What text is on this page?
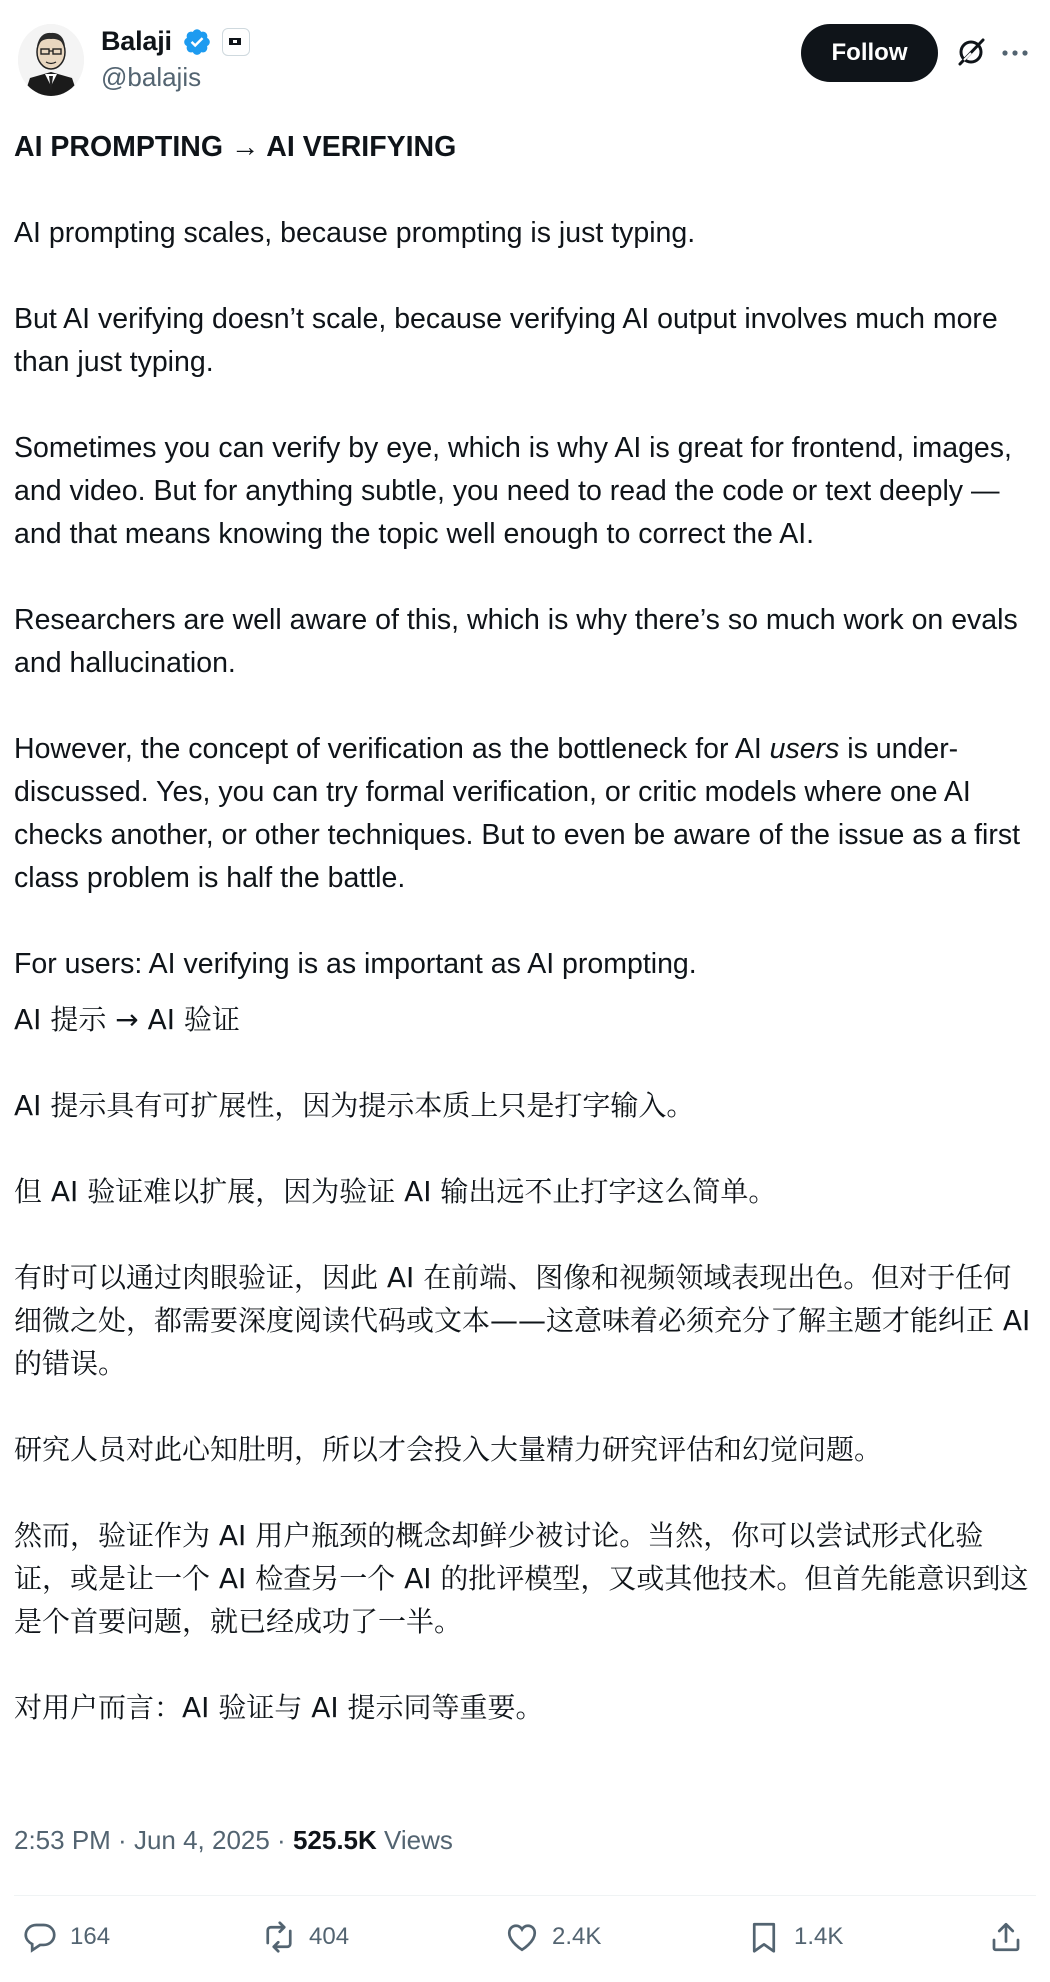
Balaji
@balajis
Follow

AI PROMPTING → AI VERIFYING

AI prompting scales, because prompting is just typing.

But AI verifying doesn’t scale, because verifying AI output involves much more than just typing.

Sometimes you can verify by eye, which is why AI is great for frontend, images, and video. But for anything subtle, you need to read the code or text deeply — and that means knowing the topic well enough to correct the AI.

Researchers are well aware of this, which is why there’s so much work on evals and hallucination.

However, the concept of verification as the bottleneck for AI users is under-discussed. Yes, you can try formal verification, or critic models where one AI checks another, or other techniques. But to even be aware of the issue as a first class problem is half the battle.

For users: AI verifying is as important as AI prompting.

AI 提示 → AI 验证

AI 提示具有可扩展性，因为提示本质上只是打字输入。

但 AI 验证难以扩展，因为验证 AI 输出远不止打字这么简单。

有时可以通过肉眼验证，因此 AI 在前端、图像和视频领域表现出色。但对于任何细微之处，都需要深度阅读代码或文本——这意味着必须充分了解主题才能纠正 AI 的错误。

研究人员对此心知肚明，所以才会投入大量精力研究评估和幻觉问题。

然而，验证作为 AI 用户瓶颈的概念却鲜少被讨论。当然，你可以尝试形式化验证，或是让一个 AI 检查另一个 AI 的批评模型，又或其他技术。但首先能意识到这是个首要问题，就已经成功了一半。

对用户而言：AI 验证与 AI 提示同等重要。

2:53 PM · Jun 4, 2025 · 525.5K Views
164	404	2.4K	1.4K
